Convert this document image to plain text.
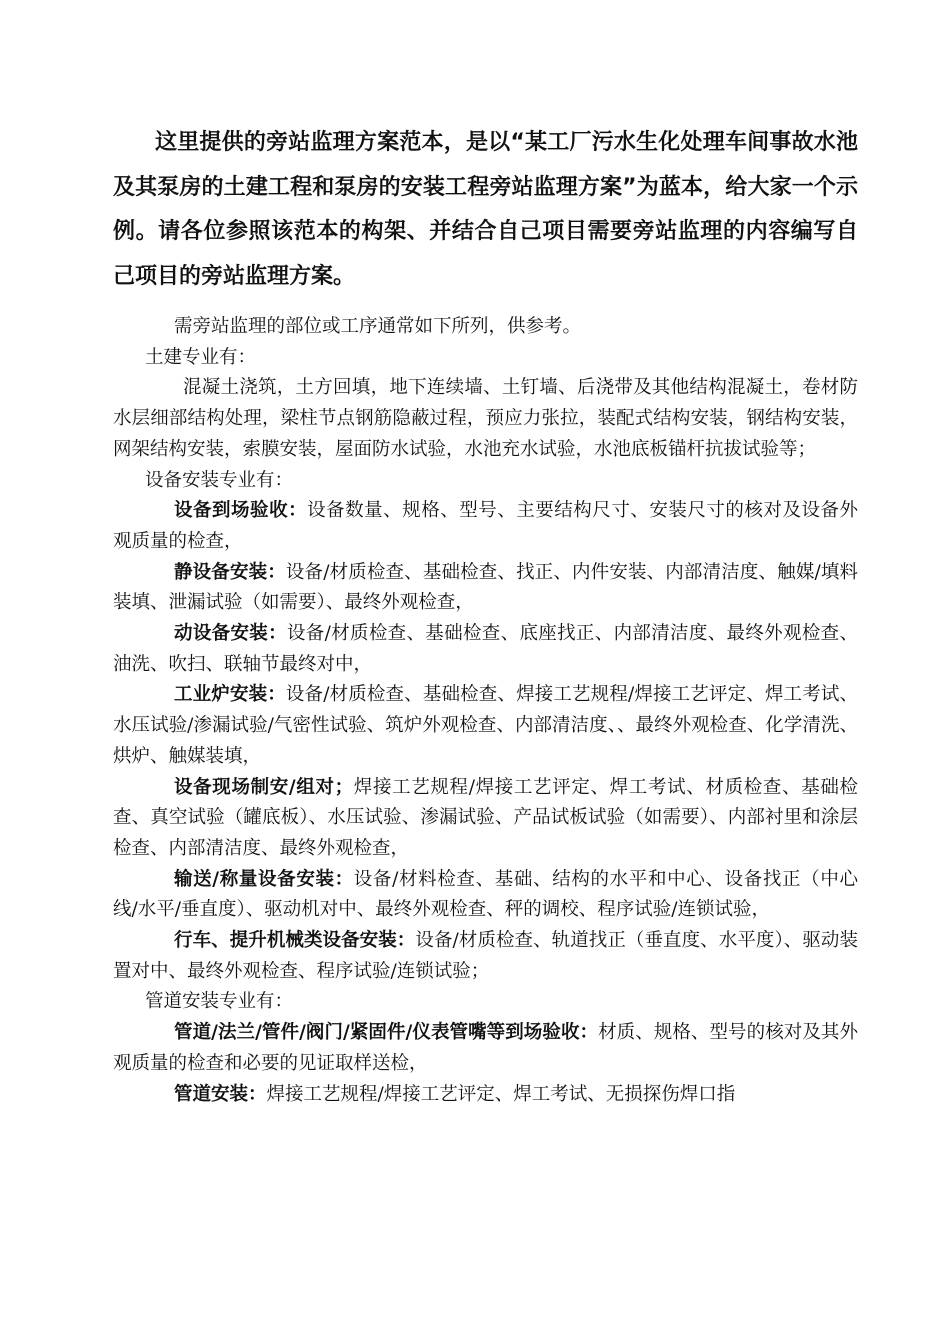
这里提供的旁站监理方案范本，是以“某工厂污水生化处理车间事故水池及其泵房的土建工程和泵房的安装工程旁站监理方案”为蓝本，给大家一个示例。请各位参照该范本的构架、并结合自己项目需要旁站监理的内容编写自己项目的旁站监理方案。

需旁站监理的部位或工序通常如下所列，供参考。

土建专业有：

混凝土浇筑，土方回填，地下连续墙、土钉墙、后浇带及其他结构混凝土，卷材防水层细部结构处理，梁柱节点钢筋隐蔽过程，预应力张拉，装配式结构安装，钢结构安装，网架结构安装，索膜安装，屋面防水试验，水池充水试验，水池底板锚杆抗拔试验等；

设备安装专业有：

设备到场验收：设备数量、规格、型号、主要结构尺寸、安装尺寸的核对及设备外观质量的检查，

静设备安装：设备/材质检查、基础检查、找正、内件安装、内部清洁度、触媒/填料装填、泄漏试验（如需要）、最终外观检查，

动设备安装：设备/材质检查、基础检查、底座找正、内部清洁度、最终外观检查、油洗、吹扫、联轴节最终对中，

工业炉安装：设备/材质检查、基础检查、焊接工艺规程/焊接工艺评定、焊工考试、水压试验/渗漏试验/气密性试验、筑炉外观检查、内部清洁度、、最终外观检查、化学清洗、烘炉、触媒装填，

设备现场制安/组对；焊接工艺规程/焊接工艺评定、焊工考试、材质检查、基础检查、真空试验（罐底板）、水压试验、渗漏试验、产品试板试验（如需要）、内部衬里和涂层检查、内部清洁度、最终外观检查，

输送/称量设备安装：设备/材料检查、基础、结构的水平和中心、设备找正（中心线/水平/垂直度）、驱动机对中、最终外观检查、秤的调校、程序试验/连锁试验，

行车、提升机械类设备安装：设备/材质检查、轨道找正（垂直度、水平度）、驱动装置对中、最终外观检查、程序试验/连锁试验；

管道安装专业有：

管道/法兰/管件/阀门/紧固件/仪表管嘴等到场验收：材质、规格、型号的核对及其外观质量的检查和必要的见证取样送检，

管道安装：焊接工艺规程/焊接工艺评定、焊工考试、无损探伤焊口指
